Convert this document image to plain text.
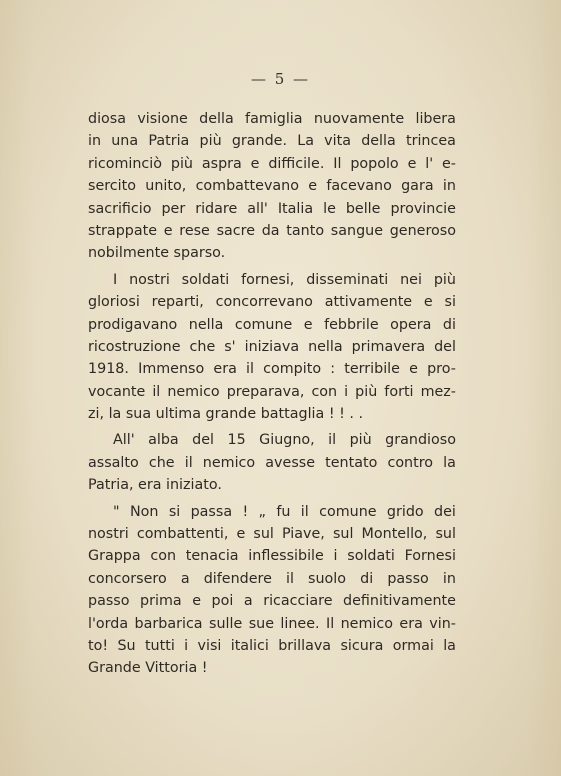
— 5 —
diosa visione della famiglia nuovamente libera
in una Patria più grande. La vita della trincea
ricominciò più aspra e difficile. Il popolo e l' e-
sercito unito, combattevano e facevano gara in
sacrificio per ridare all' Italia le belle provincie
strappate e rese sacre da tanto sangue generoso
nobilmente sparso.
I nostri soldati fornesi, disseminati nei più
gloriosi reparti, concorrevano attivamente e si
prodigavano nella comune e febbrile opera di
ricostruzione che s' iniziava nella primavera del
1918. Immenso era il compito : terribile e pro-
vocante il nemico preparava, con i più forti mez-
zi, la sua ultima grande battaglia ! ! . .
All' alba del 15 Giugno, il più grandioso
assalto che il nemico avesse tentato contro la
Patria, era iniziato.
" Non si passa ! „ fu il comune grido dei
nostri combattenti, e sul Piave, sul Montello, sul
Grappa con tenacia inflessibile i soldati Fornesi
concorsero a difendere il suolo di passo in
passo prima e poi a ricacciare definitivamente
l'orda barbarica sulle sue linee. Il nemico era vin-
to! Su tutti i visi italici brillava sicura ormai la
Grande Vittoria !
